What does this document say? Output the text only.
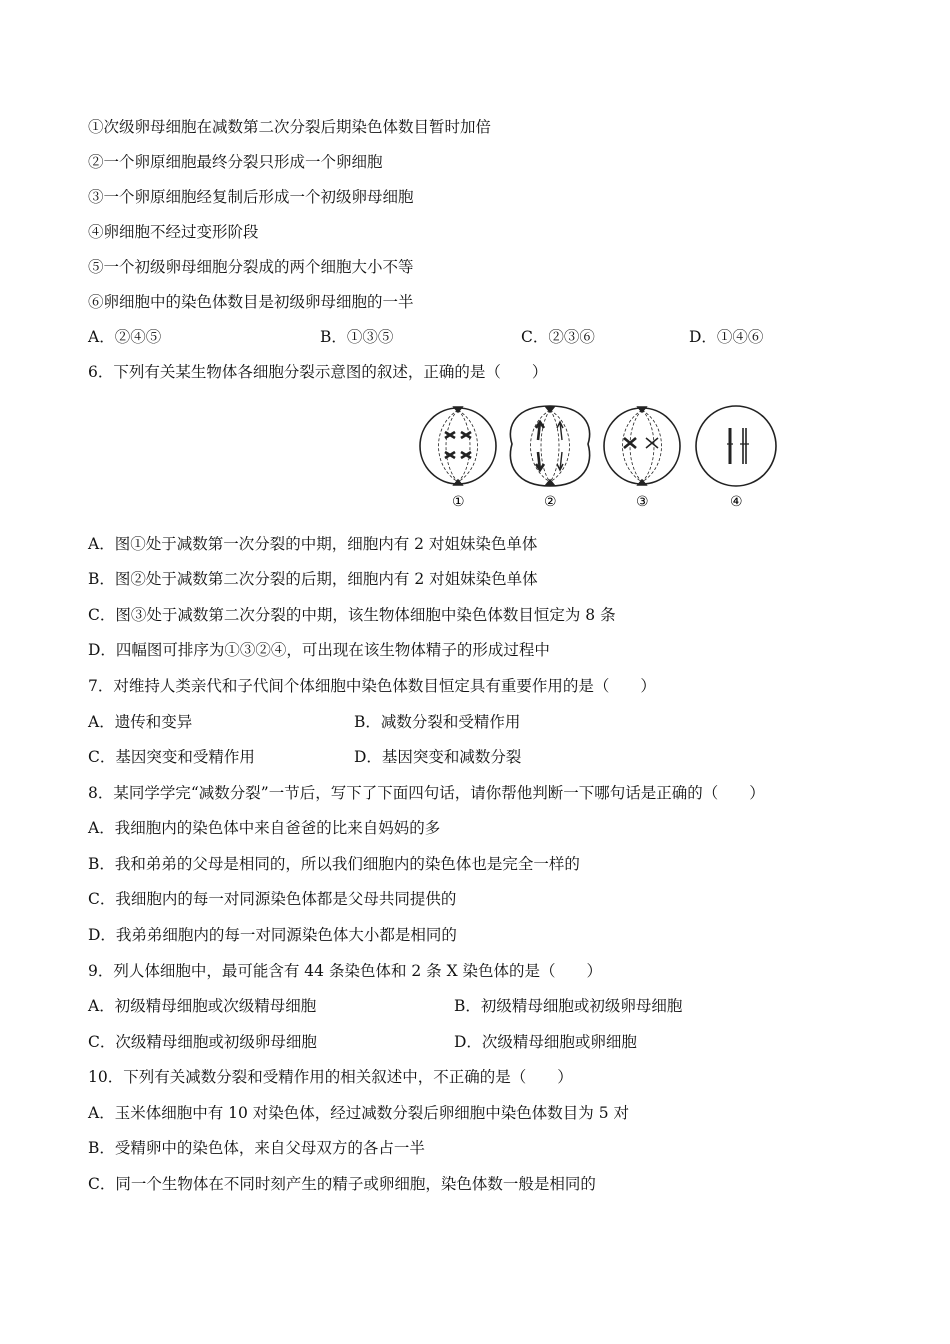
①次级卵母细胞在减数第二次分裂后期染色体数目暂时加倍
②一个卵原细胞最终分裂只形成一个卵细胞
③一个卵原细胞经复制后形成一个初级卵母细胞
④卵细胞不经过变形阶段
⑤一个初级卵母细胞分裂成的两个细胞大小不等
⑥卵细胞中的染色体数目是初级卵母细胞的一半
A．②④⑤	B．①③⑤	C．②③⑥	D．①④⑥
6．下列有关某生物体各细胞分裂示意图的叙述，正确的是（　　）
①	②	③	④
A．图①处于减数第一次分裂的中期，细胞内有 2 对姐妹染色单体
B．图②处于减数第二次分裂的后期，细胞内有 2 对姐妹染色单体
C．图③处于减数第二次分裂的中期，该生物体细胞中染色体数目恒定为 8 条
D．四幅图可排序为①③②④，可出现在该生物体精子的形成过程中
7．对维持人类亲代和子代间个体细胞中染色体数目恒定具有重要作用的是（　　）
A．遗传和变异	B．减数分裂和受精作用
C．基因突变和受精作用	D．基因突变和减数分裂
8．某同学学完“减数分裂”一节后，写下了下面四句话，请你帮他判断一下哪句话是正确的（　　）
A．我细胞内的染色体中来自爸爸的比来自妈妈的多
B．我和弟弟的父母是相同的，所以我们细胞内的染色体也是完全一样的
C．我细胞内的每一对同源染色体都是父母共同提供的
D．我弟弟细胞内的每一对同源染色体大小都是相同的
9．列人体细胞中，最可能含有 44 条染色体和 2 条 X 染色体的是（　　）
A．初级精母细胞或次级精母细胞	B．初级精母细胞或初级卵母细胞
C．次级精母细胞或初级卵母细胞	D．次级精母细胞或卵细胞
10．下列有关减数分裂和受精作用的相关叙述中，不正确的是（　　）
A．玉米体细胞中有 10 对染色体，经过减数分裂后卵细胞中染色体数目为 5 对
B．受精卵中的染色体，来自父母双方的各占一半
C．同一个生物体在不同时刻产生的精子或卵细胞，染色体数一般是相同的
